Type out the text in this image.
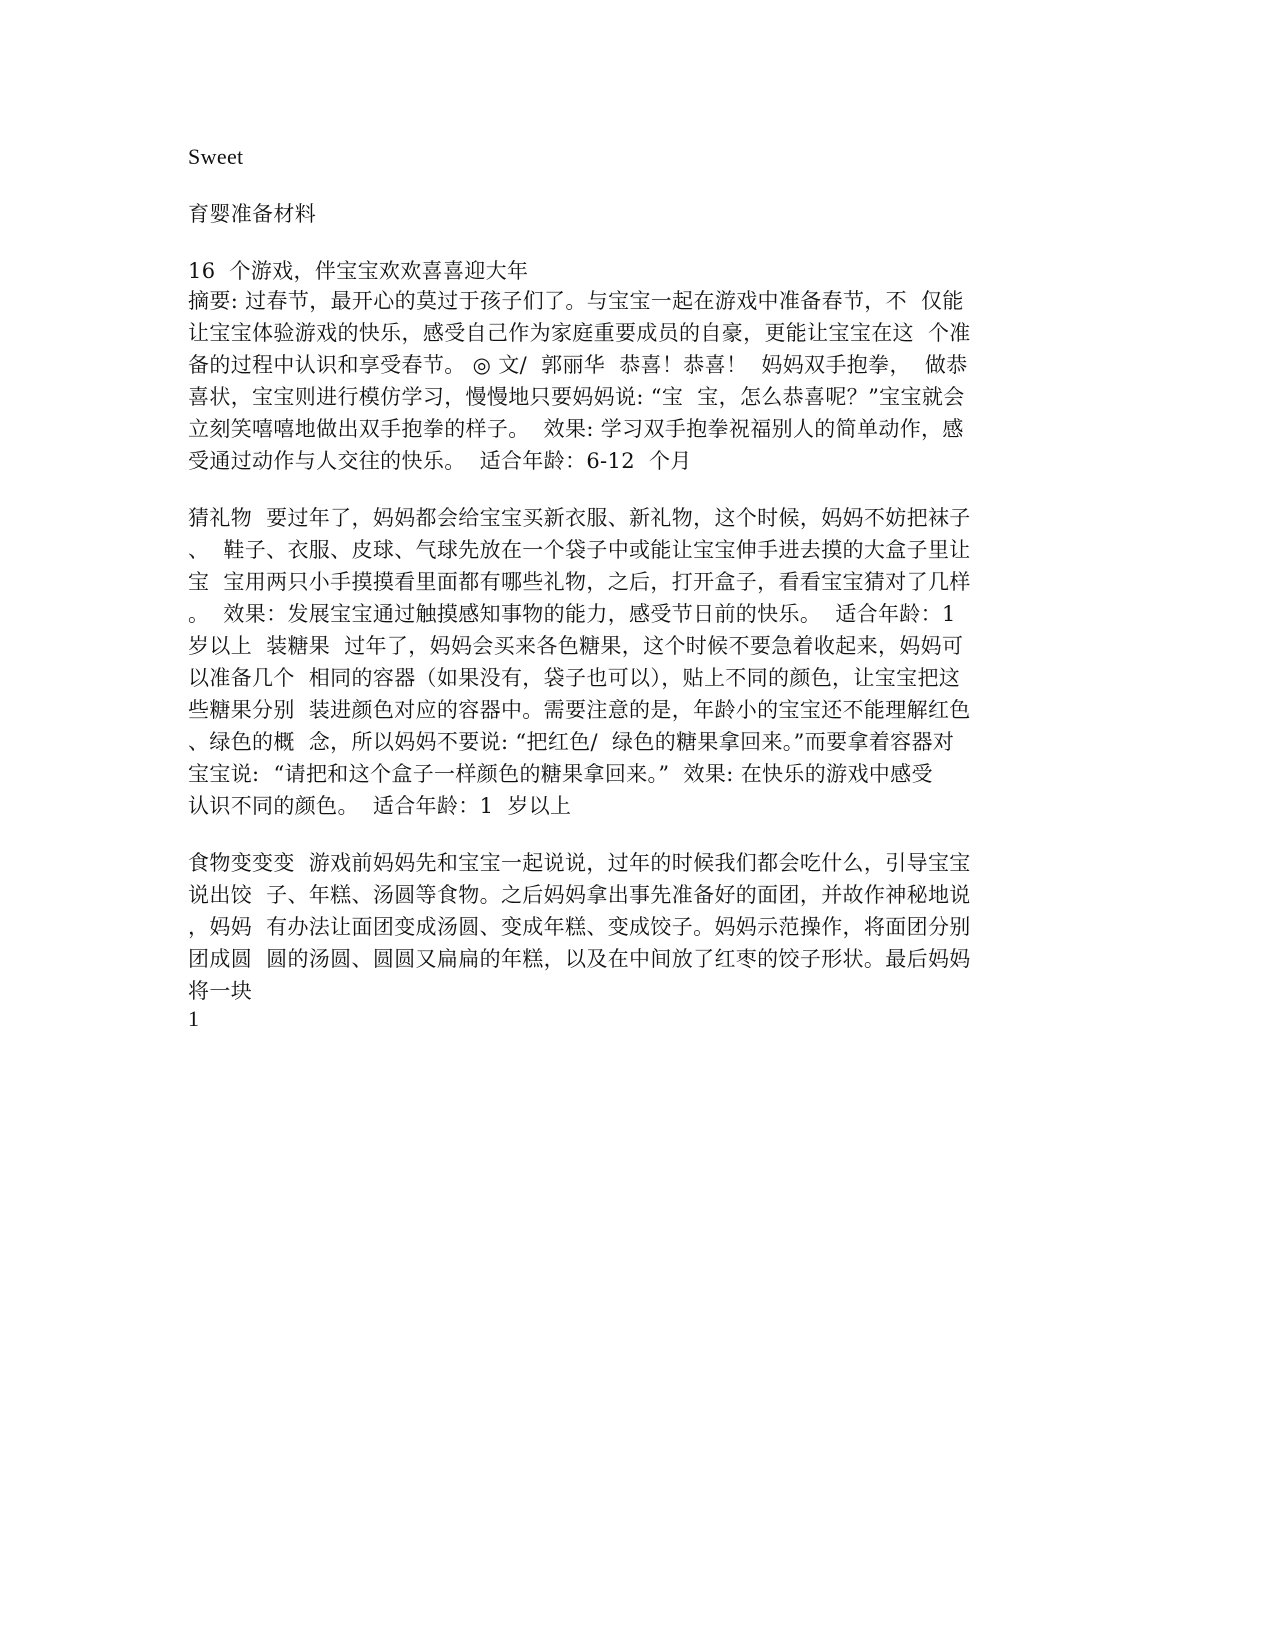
Sweet
育婴准备材料
16  个游戏，伴宝宝欢欢喜喜迎大年
摘要: 过春节，最开心的莫过于孩子们了。与宝宝一起在游戏中准备春节，不  仅能
让宝宝体验游戏的快乐，感受自己作为家庭重要成员的自豪，更能让宝宝在这  个准
备的过程中认识和享受春节。 ◎ 文/  郭丽华  恭喜！恭喜！  妈妈双手抱拳，  做恭
喜状，宝宝则进行模仿学习，慢慢地只要妈妈说: “宝  宝，怎么恭喜呢？”宝宝就会
立刻笑嘻嘻地做出双手抱拳的样子。  效果: 学习双手抱拳祝福别人的简单动作，感
受通过动作与人交往的快乐。  适合年龄：6-12  个月
猜礼物  要过年了，妈妈都会给宝宝买新衣服、新礼物，这个时候，妈妈不妨把袜子
、  鞋子、衣服、皮球、气球先放在一个袋子中或能让宝宝伸手进去摸的大盒子里让
宝  宝用两只小手摸摸看里面都有哪些礼物，之后，打开盒子，看看宝宝猜对了几样
。  效果：发展宝宝通过触摸感知事物的能力，感受节日前的快乐。  适合年龄：1
岁以上  装糖果  过年了，妈妈会买来各色糖果，这个时候不要急着收起来，妈妈可
以准备几个  相同的容器（如果没有，袋子也可以），贴上不同的颜色，让宝宝把这
些糖果分别  装进颜色对应的容器中。需要注意的是，年龄小的宝宝还不能理解红色
、绿色的概  念，所以妈妈不要说: “把红色/  绿色的糖果拿回来。”而要拿着容器对
宝宝说:  “请把和这个盒子一样颜色的糖果拿回来。”  效果: 在快乐的游戏中感受
认识不同的颜色。  适合年龄：1  岁以上
食物变变变  游戏前妈妈先和宝宝一起说说，过年的时候我们都会吃什么，引导宝宝
说出饺  子、年糕、汤圆等食物。之后妈妈拿出事先准备好的面团，并故作神秘地说
，妈妈  有办法让面团变成汤圆、变成年糕、变成饺子。妈妈示范操作，将面团分别
团成圆  圆的汤圆、圆圆又扁扁的年糕，以及在中间放了红枣的饺子形状。最后妈妈
将一块
1
